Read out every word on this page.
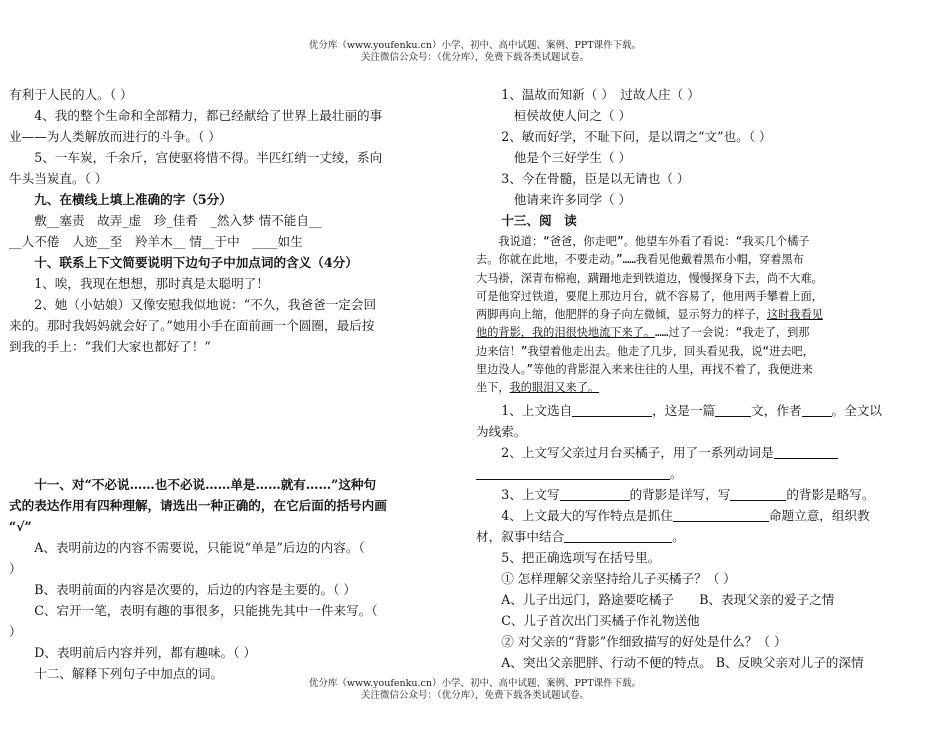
优分库（www.youfenku.cn）小学、初中、高中试题、案例、PPT课件下载。
关注微信公众号：（优分库），免费下载各类试题试卷。

有利于人民的人。（ ）

　　4、我的整个生命和全部精力，都已经献给了世界上最壮丽的事

业——为人类解放而进行的斗争。（ ）

　　5、一车炭，千余斤，宫使驱将惜不得。半匹红绡一丈绫，系向

牛头当炭直。（ ）

　　九、在横线上填上准确的字（5分）

　　敷__塞责　故弄_虚　珍_佳肴　_然入梦 情不能自__

__人不倦　人迹__至　羚羊木__ 情__于中　____如生

　　十、联系上下文简要说明下边句子中加点词的含义（4分）

　　1、唉，我现在想想，那时真是太聪明了！

　　2、她（小姑娘）又像安慰我似地说：“不久，我爸爸一定会回

来的。那时我妈妈就会好了。”她用小手在面前画一个圆圈，最后按

到我的手上：“我们大家也都好了！”

　　十一、对“不必说……也不必说……单是……就有……”这种句

式的表达作用有四种理解，请选出一种正确的，在它后面的括号内画

“√”

　　A、表明前边的内容不需要说，只能说“单是”后边的内容。（

）

　　B、表明前面的内容是次要的，后边的内容是主要的。（ ）

　　C、宕开一笔，表明有趣的事很多，只能挑先其中一件来写。（

）

　　D、表明前后内容并列，都有趣味。（ ）

　　十二、解释下列句子中加点的词。

　　1、温故而知新（ ）　过故人庄（ ）

　　　桓侯故使人问之（ ）

　　2、敏而好学，不耻下问，是以谓之“文”也。（ ）

　　　他是个三好学生（ ）

　　3、今在骨髓，臣是以无请也（ ）

　　　他请来许多同学（ ）

　　十三、阅　读

　　我说道：“爸爸，你走吧”。他望车外看了看说：“我买几个橘子

去。你就在此地，不要走动。”……我看见他戴着黑布小帽，穿着黑布

大马褂，深青布棉袍，蹒跚地走到铁道边，慢慢探身下去，尚不大难。

可是他穿过铁道，要爬上那边月台，就不容易了，他用两手攀着上面，

两脚再向上缩，他肥胖的身子向左微倾，显示努力的样子，这时我看见

他的背影，我的泪很快地流下来了。……过了一会说：“我走了，到那

边来信！”我望着他走出去。他走了几步，回头看见我，说“进去吧，

里边没人。”等他的背影混入来来往往的人里，再找不着了，我便进来

坐下，我的眼泪又来了。

　　1、上文选自	，这是一篇	文，作者 。全文以

为线索。

　　2、上文写父亲过月台买橘子，用了一系列动词是

。

　　3、上文写	的背影是详写，写	的背影是略写。

　　4、上文最大的写作特点是抓住	命题立意，组织教

材，叙事中结合	。

　　5、把正确选项写在括号里。

　　① 怎样理解父亲坚持给儿子买橘子？（ ）

　　A、儿子出远门，路途要吃橘子　　B、表现父亲的爱子之情

　　C、儿子首次出门买橘子作礼物送他

　　② 对父亲的“背影”作细致描写的好处是什么？（ ）

　　A、突出父亲肥胖、行动不便的特点。 B、反映父亲对儿子的深情

优分库（www.youfenku.cn）小学、初中、高中试题、案例、PPT课件下载。
关注微信公众号：（优分库），免费下载各类试题试卷。
